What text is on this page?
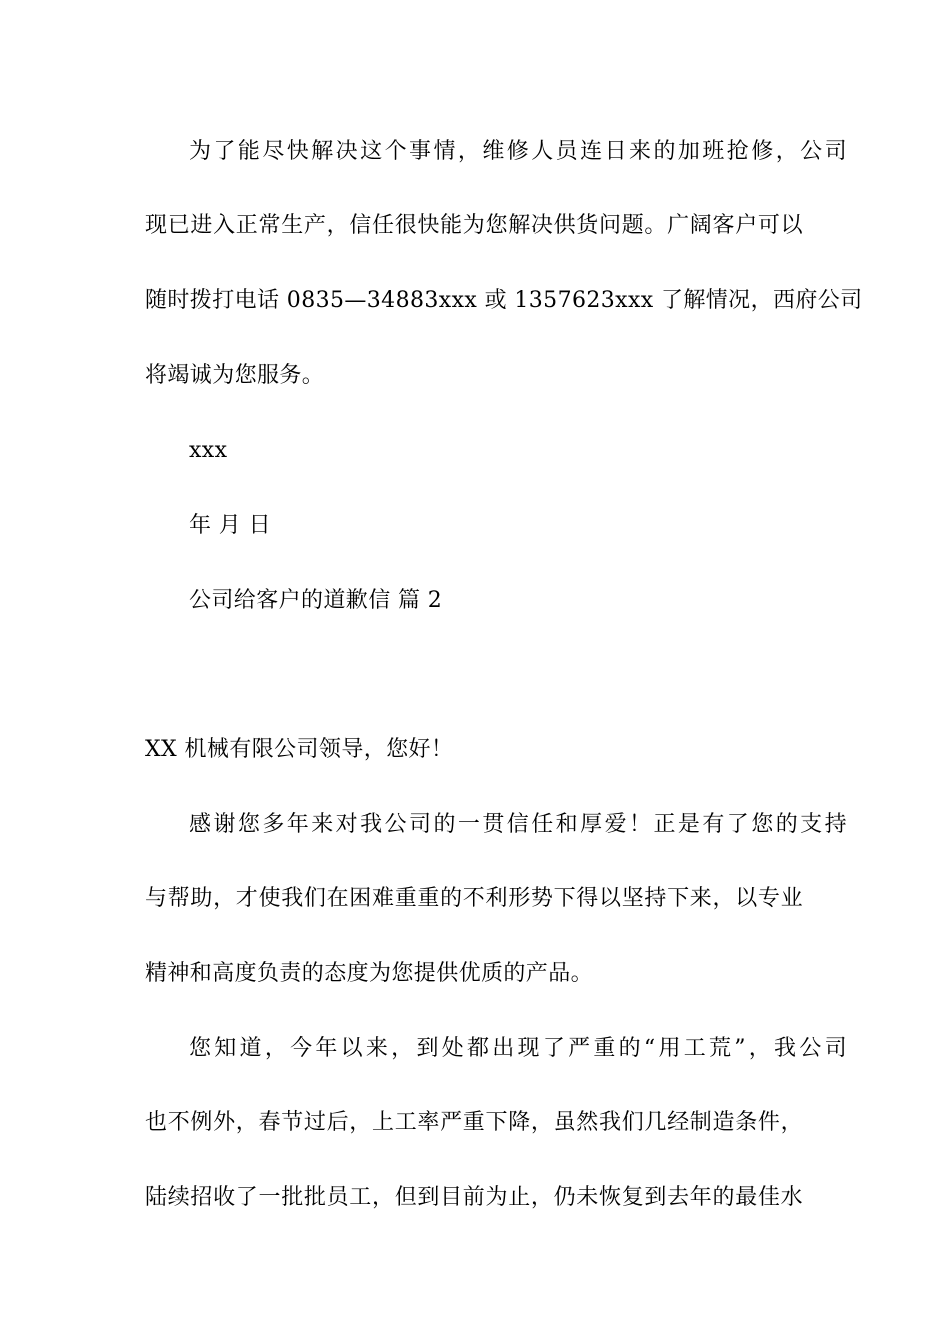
为了能尽快解决这个事情，维修人员连日来的加班抢修，公司
现已进入正常生产，信任很快能为您解决供货问题。广阔客户可以
随时拨打电话 0835—34883xxx 或 1357623xxx 了解情况，西府公司
将竭诚为您服务。
xxx
年 月 日
公司给客户的道歉信 篇 2
XX 机械有限公司领导，您好！
感谢您多年来对我公司的一贯信任和厚爱！正是有了您的支持
与帮助，才使我们在困难重重的不利形势下得以坚持下来，以专业
精神和高度负责的态度为您提供优质的产品。
您知道，今年以来，到处都出现了严重的“用工荒”，我公司
也不例外，春节过后，上工率严重下降，虽然我们几经制造条件，
陆续招收了一批批员工，但到目前为止，仍未恢复到去年的最佳水
